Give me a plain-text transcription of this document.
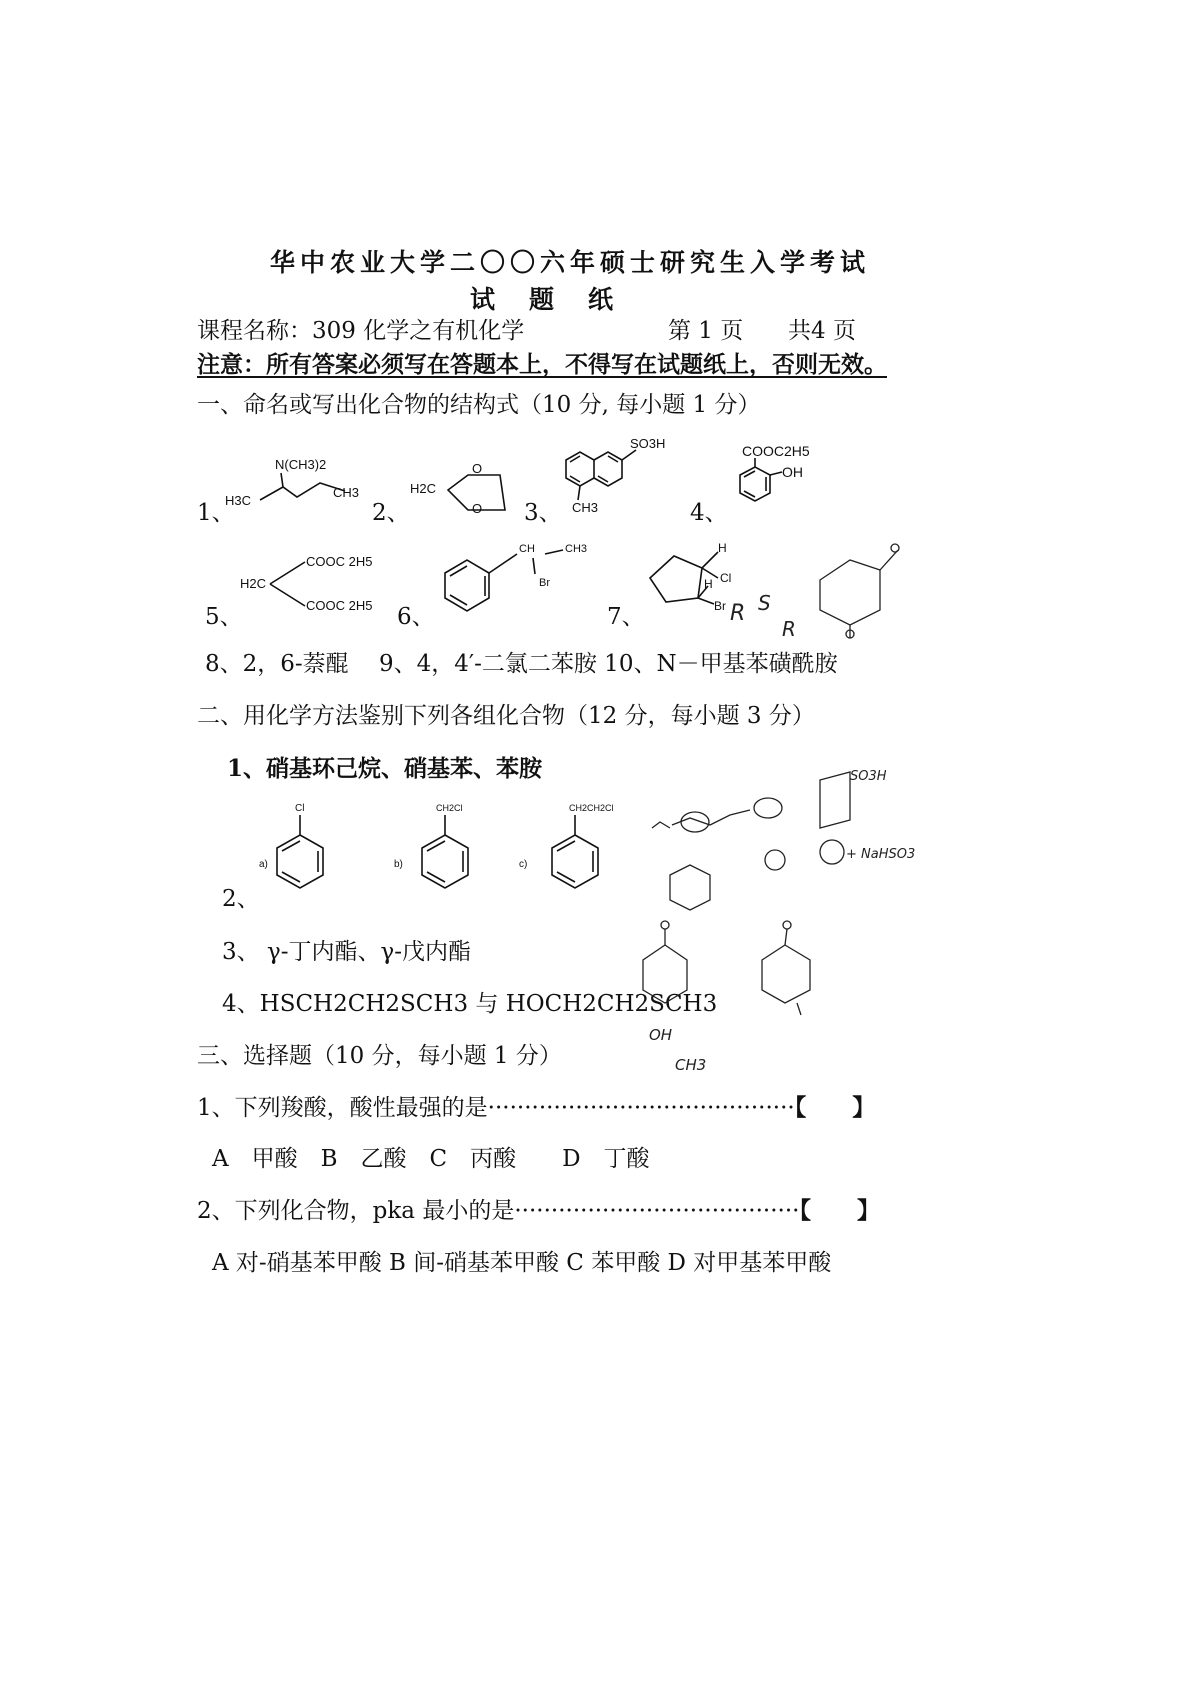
华中农业大学二〇〇六年硕士研究生入学考试
试题纸
课程名称：309 化学之有机化学	第 1 页 共4 页
注意：所有答案必须写在答题本上，不得写在试题纸上，否则无效。
一、命名或写出化合物的结构式（10 分, 每小题 1 分）
1、	2、	3、	4、
5、	6、	7、
N(CH3)2
H3C
CH3	H2C
O
O
SO3H
CH3
COOC2H5
OH
H2C
COOC 2H5
COOC 2H5
CH	CH3
Br
H
Cl
H
Br R S
R
8、2，6-萘醌　 9、4，4′-二氯二苯胺 10、N－甲基苯磺酰胺
二、用化学方法鉴别下列各组化合物（12 分，每小题 3 分）
1、硝基环己烷、硝基苯、苯胺
a)
Cl
b)
CH2Cl
c)
CH2CH2Cl
2、
SO3H
+ NaHSO3
3、 γ-丁内酯、γ-戊内酯
4、HSCH2CH2SCH3 与 HOCH2CH2SCH3
OH
CH3
三、选择题（10 分，每小题 1 分）
1、下列羧酸，酸性最强的是··········································【　　】
A　甲酸　B　乙酸　C　丙酸　　D　丁酸
2、下列化合物，pka 最小的是·······································【　　】
A 对-硝基苯甲酸 B 间-硝基苯甲酸 C 苯甲酸 D 对甲基苯甲酸
